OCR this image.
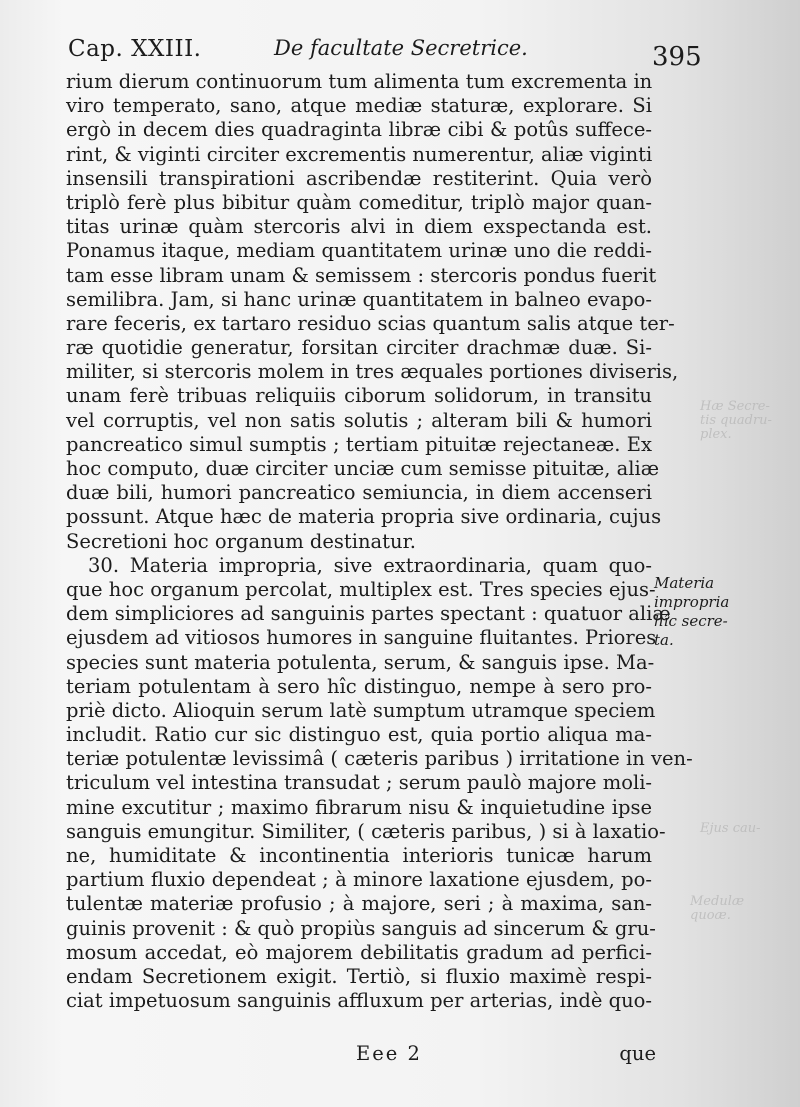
Hæ Secre-
tis quadru-
plex.
Ejus cau-
Medulæ
quoæ.
Cap. XXIII.	De facultate Secretrice.	395
rium dierum continuorum tum alimenta tum excrementa in
viro temperato, sano, atque mediæ staturæ, explorare. Si
ergò in decem dies quadraginta libræ cibi & potûs suffece-
rint, & viginti circiter excrementis numerentur, aliæ viginti
insensili transpirationi ascribendæ restiterint. Quia verò
triplò ferè plus bibitur quàm comeditur, triplò major quan-
titas urinæ quàm stercoris alvi in diem exspectanda est.
Ponamus itaque, mediam quantitatem urinæ uno die reddi-
tam esse libram unam & semissem : stercoris pondus fuerit
semilibra. Jam, si hanc urinæ quantitatem in balneo evapo-
rare feceris, ex tartaro residuo scias quantum salis atque ter-
ræ quotidie generatur, forsitan circiter drachmæ duæ. Si-
militer, si stercoris molem in tres æquales portiones diviseris,
unam ferè tribuas reliquiis ciborum solidorum, in transitu
vel corruptis, vel non satis solutis ; alteram bili & humori
pancreatico simul sumptis ; tertiam pituitæ rejectaneæ. Ex
hoc computo, duæ circiter unciæ cum semisse pituitæ, aliæ
duæ bili, humori pancreatico semiuncia, in diem accenseri
possunt. Atque hæc de materia propria sive ordinaria, cujus
Secretioni hoc organum destinatur.
30. Materia impropria, sive extraordinaria, quam quo-
que hoc organum percolat, multiplex est. Tres species ejus-
dem simpliciores ad sanguinis partes spectant : quatuor aliæ
ejusdem ad vitiosos humores in sanguine fluitantes. Priores
species sunt materia potulenta, serum, & sanguis ipse. Ma-
teriam potulentam à sero hîc distinguo, nempe à sero pro-
priè dicto. Alioquin serum latè sumptum utramque speciem
includit. Ratio cur sic distinguo est, quia portio aliqua ma-
teriæ potulentæ levissimâ ( cæteris paribus ) irritatione in ven-
triculum vel intestina transudat ; serum paulò majore moli-
mine excutitur ; maximo fibrarum nisu & inquietudine ipse
sanguis emungitur. Similiter, ( cæteris paribus, ) si à laxatio-
ne, humiditate & incontinentia interioris tunicæ harum
partium fluxio dependeat ; à minore laxatione ejusdem, po-
tulentæ materiæ profusio ; à majore, seri ; à maxima, san-
guinis provenit : & quò propiùs sanguis ad sincerum & gru-
mosum accedat, eò majorem debilitatis gradum ad perfici-
endam Secretionem exigit. Tertiò, si fluxio maximè respi-
ciat impetuosum sanguinis affluxum per arterias, indè quo-
Materia
impropria
hîc secre-
ta.
Eee 2	que
